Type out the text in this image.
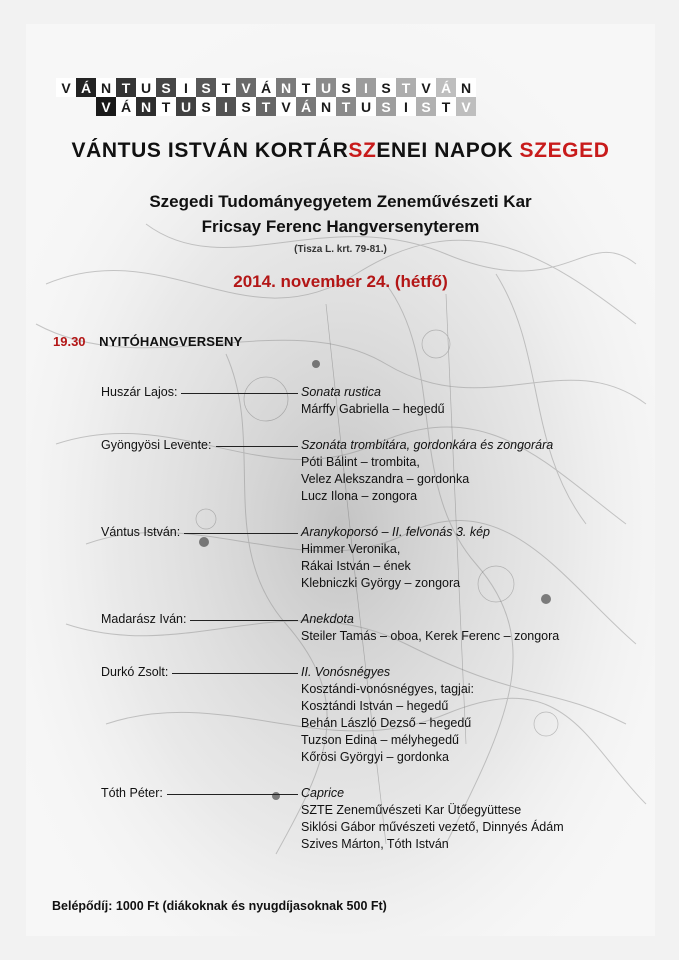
V Á N T U S I S T V Á N T U S I S T V Á N
V Á N T U S I S T V Á N T U S I S T V
VÁNTUS ISTVÁN KORTÁRSZENEI NAPOK SZEGED
Szegedi Tudományegyetem Zeneművészeti Kar
Fricsay Ferenc Hangversenyterem
(Tisza L. krt. 79-81.)
2014. november 24. (hétfő)
19.30 NYITÓHANGVERSENY
Huszár Lajos:	Sonata rustica
Márffy Gabriella – hegedű
Gyöngyösi Levente:	Szonáta trombitára, gordonkára és zongorára
Póti Bálint – trombita,
Velez Alekszandra – gordonka
Lucz Ilona – zongora
Vántus István:	Aranykoporsó – II. felvonás 3. kép
Himmer Veronika,
Rákai István – ének
Klebniczki György – zongora
Madarász Iván:	Anekdota
Steiler Tamás – oboa, Kerek Ferenc – zongora
Durkó Zsolt:	II. Vonósnégyes
Kosztándi-vonósnégyes, tagjai:
Kosztándi István – hegedű
Behán László Dezső – hegedű
Tuzson Edina – mélyhegedű
Kőrösi Györgyi – gordonka
Tóth Péter:	Caprice
SZTE Zeneművészeti Kar Ütőegyüttese
Siklósi Gábor művészeti vezető, Dinnyés Ádám
Szives Márton, Tóth István
Belépődíj: 1000 Ft (diákoknak és nyugdíjasoknak 500 Ft)
